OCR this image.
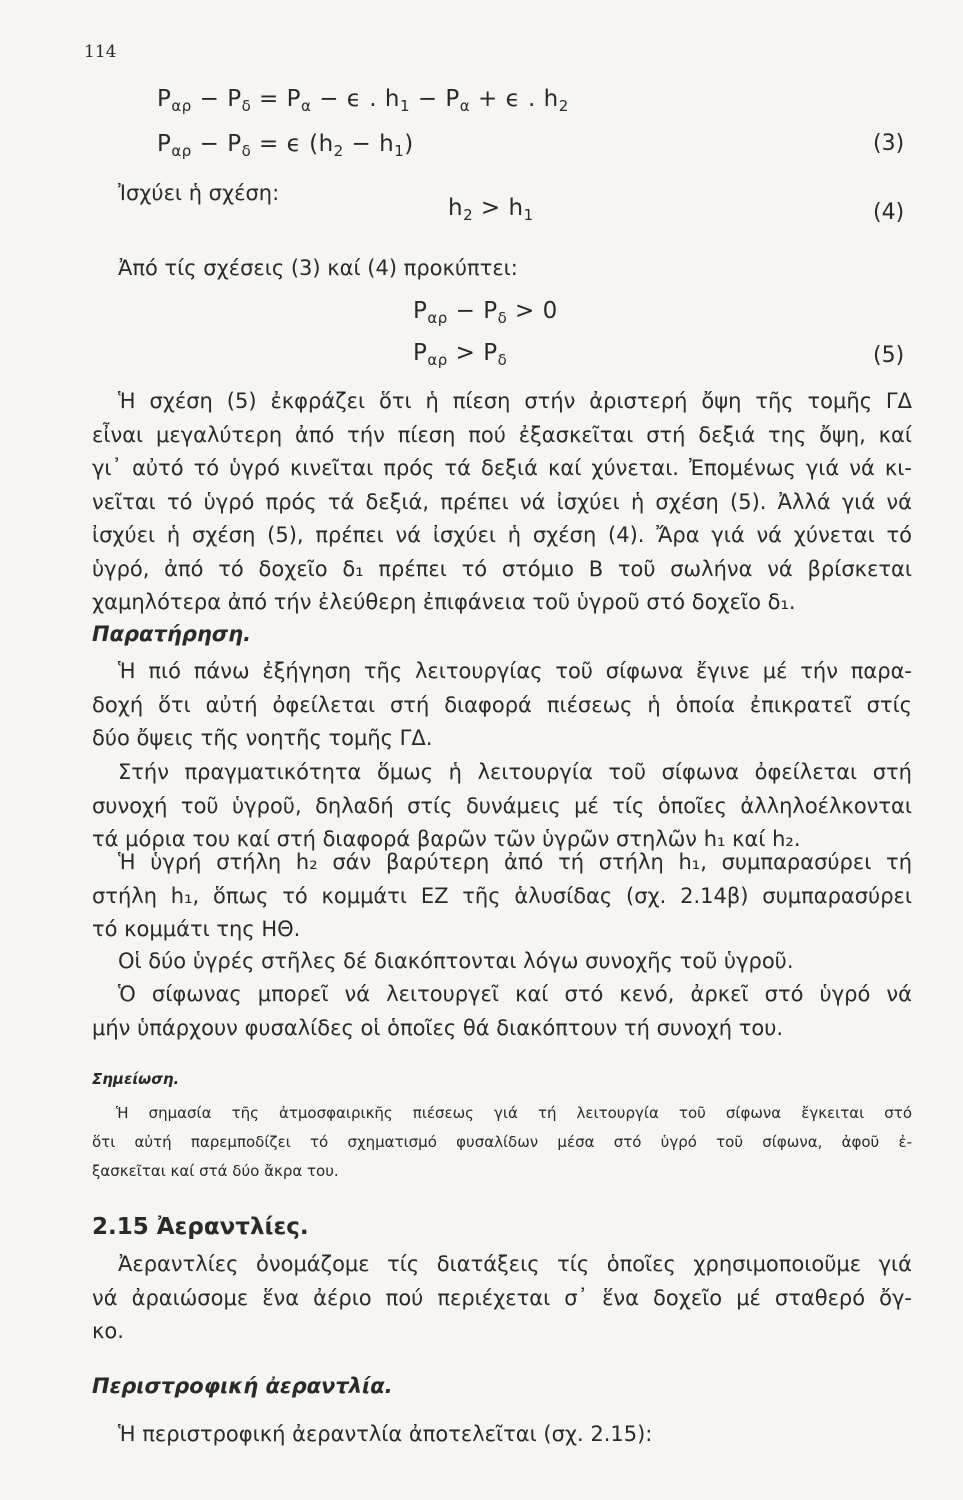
114
$P_{\alpha\rho} - P_\delta = P_\alpha - \epsilon$ . $h_1 - P_\alpha + \epsilon$ . $h_2$
$P_{\alpha\rho} - P_\delta = \epsilon$ $(h_2 - h_1)$	(3)
Ἰσχύει ἡ σχέση:
$h_2 > h_1$	(4)
Ἀπό τίς σχέσεις (3) καί (4) προκύπτει:
$P_{\alpha\rho} - P_\delta > 0$
$P_{\alpha\rho} > P_\delta$	(5)
Ἡ σχέση (5) ἐκφράζει ὅτι ἡ πίεση στήν ἀριστερή ὄψη τῆς τομῆς ΓΔ
εἶναι μεγαλύτερη ἀπό τήν πίεση πού ἐξασκεῖται στή δεξιά της ὄψη, καί
γι᾽ αὐτό τό ὑγρό κινεῖται πρός τά δεξιά καί χύνεται. Ἐπομένως γιά νά κι-
νεῖται τό ὑγρό πρός τά δεξιά, πρέπει νά ἰσχύει ἡ σχέση (5). Ἀλλά γιά νά
ἰσχύει ἡ σχέση (5), πρέπει νά ἰσχύει ἡ σχέση (4). Ἄρα γιά νά χύνεται τό
ὑγρό, ἀπό τό δοχεῖο δ₁ πρέπει τό στόμιο Β τοῦ σωλήνα νά βρίσκεται
χαμηλότερα ἀπό τήν ἐλεύθερη ἐπιφάνεια τοῦ ὑγροῦ στό δοχεῖο δ₁.
Παρατήρηση.
Ἡ πιό πάνω ἐξήγηση τῆς λειτουργίας τοῦ σίφωνα ἔγινε μέ τήν παρα-
δοχή ὅτι αὐτή ὀφείλεται στή διαφορά πιέσεως ἡ ὁποία ἐπικρατεῖ στίς
δύο ὄψεις τῆς νοητῆς τομῆς ΓΔ.
Στήν πραγματικότητα ὅμως ἡ λειτουργία τοῦ σίφωνα ὀφείλεται στή
συνοχή τοῦ ὑγροῦ, δηλαδή στίς δυνάμεις μέ τίς ὁποῖες ἀλληλοέλκονται
τά μόρια του καί στή διαφορά βαρῶν τῶν ὑγρῶν στηλῶν h₁ καί h₂.
Ἡ ὑγρή στήλη h₂ σάν βαρύτερη ἀπό τή στήλη h₁, συμπαρασύρει τή
στήλη h₁, ὅπως τό κομμάτι ΕΖ τῆς ἁλυσίδας (σχ. 2.14β) συμπαρασύρει
τό κομμάτι της ΗΘ.
Οἱ δύο ὑγρές στῆλες δέ διακόπτονται λόγω συνοχῆς τοῦ ὑγροῦ.
Ὁ σίφωνας μπορεῖ νά λειτουργεῖ καί στό κενό, ἀρκεῖ στό ὑγρό νά
μήν ὑπάρχουν φυσαλίδες οἱ ὁποῖες θά διακόπτουν τή συνοχή του.
Σημείωση.
Ἡ σημασία τῆς ἀτμοσφαιρικῆς πιέσεως γιά τή λειτουργία τοῦ σίφωνα ἔγκειται στό
ὅτι αὐτή παρεμποδίζει τό σχηματισμό φυσαλίδων μέσα στό ὑγρό τοῦ σίφωνα, ἀφοῦ ἐ-
ξασκεῖται καί στά δύο ἄκρα του.
2.15 Ἀεραντλίες.
Ἀεραντλίες ὀνομάζομε τίς διατάξεις τίς ὁποῖες χρησιμοποιοῦμε γιά
νά ἀραιώσομε ἕνα ἀέριο πού περιέχεται σ᾽ ἕνα δοχεῖο μέ σταθερό ὄγ-
κο.
Περιστροφική ἀεραντλία.
Ἡ περιστροφική ἀεραντλία ἀποτελεῖται (σχ. 2.15):
